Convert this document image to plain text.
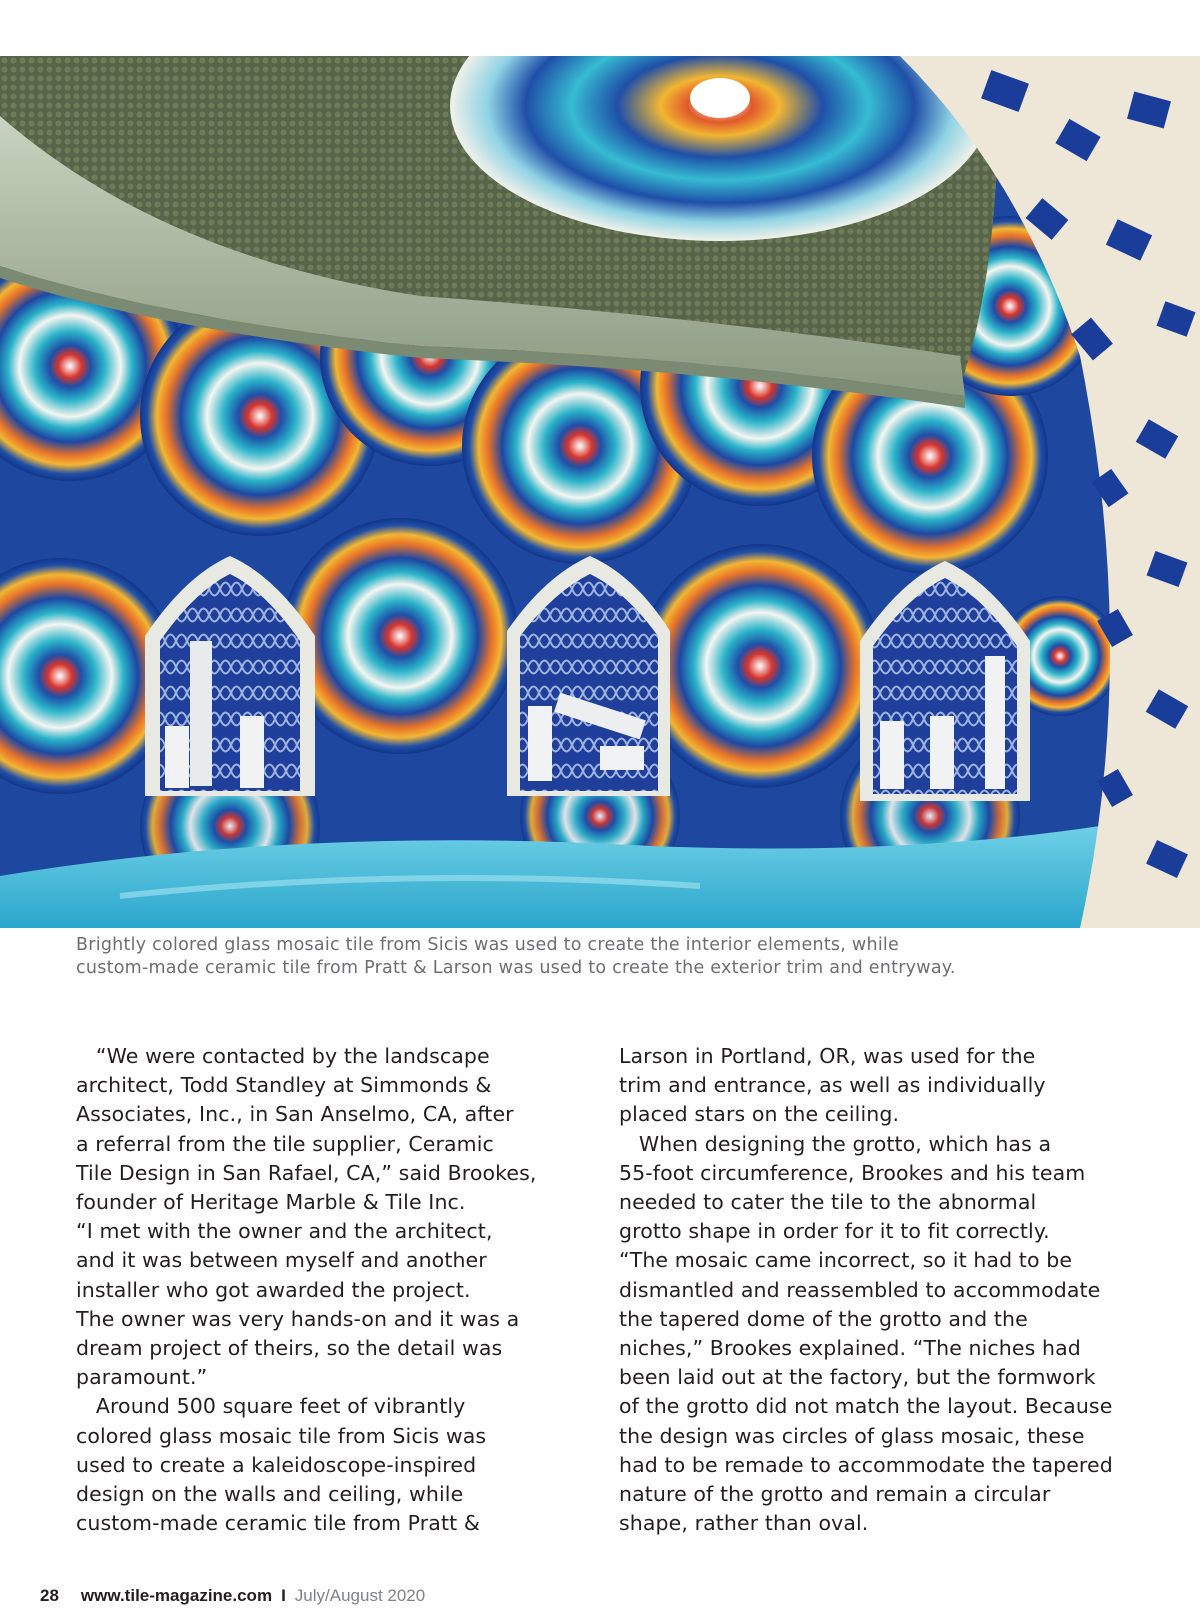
Brightly colored glass mosaic tile from Sicis was used to create the interior elements, while
custom-made ceramic tile from Pratt & Larson was used to create the exterior trim and entryway.
“We were contacted by the landscape
architect, Todd Standley at Simmonds &
Associates, Inc., in San Anselmo, CA, after
a referral from the tile supplier, Ceramic
Tile Design in San Rafael, CA,” said Brookes,
founder of Heritage Marble & Tile Inc.
“I met with the owner and the architect,
and it was between myself and another
installer who got awarded the project.
The owner was very hands-on and it was a
dream project of theirs, so the detail was
paramount.”
Around 500 square feet of vibrantly
colored glass mosaic tile from Sicis was
used to create a kaleidoscope-inspired
design on the walls and ceiling, while
custom-made ceramic tile from Pratt &
Larson in Portland, OR, was used for the
trim and entrance, as well as individually
placed stars on the ceiling.
When designing the grotto, which has a
55-foot circumference, Brookes and his team
needed to cater the tile to the abnormal
grotto shape in order for it to fit correctly.
“The mosaic came incorrect, so it had to be
dismantled and reassembled to accommodate
the tapered dome of the grotto and the
niches,” Brookes explained. “The niches had
been laid out at the factory, but the formwork
of the grotto did not match the layout. Because
the design was circles of glass mosaic, these
had to be remade to accommodate the tapered
nature of the grotto and remain a circular
shape, rather than oval.
28 www.tile-magazine.com I July/August 2020
